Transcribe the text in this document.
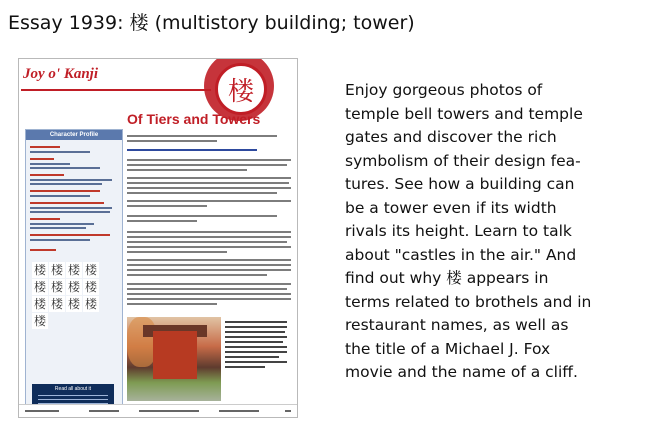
Essay 1939: 楼 (multistory building; tower)
Joy o' Kanji
楼
Of Tiers and Towers
Character Profile
楼 楼 楼 楼
楼 楼 楼 楼
楼 楼 楼 楼
楼
Read all about it
Enjoy gorgeous photos of
temple bell towers and temple
gates and discover the rich
symbolism of their design fea-
tures. See how a building can
be a tower even if its width
rivals its height. Learn to talk
about "castles in the air." And
find out why 楼 appears in
terms related to brothels and in
restaurant names, as well as
the title of a Michael J. Fox
movie and the name of a cliff.
